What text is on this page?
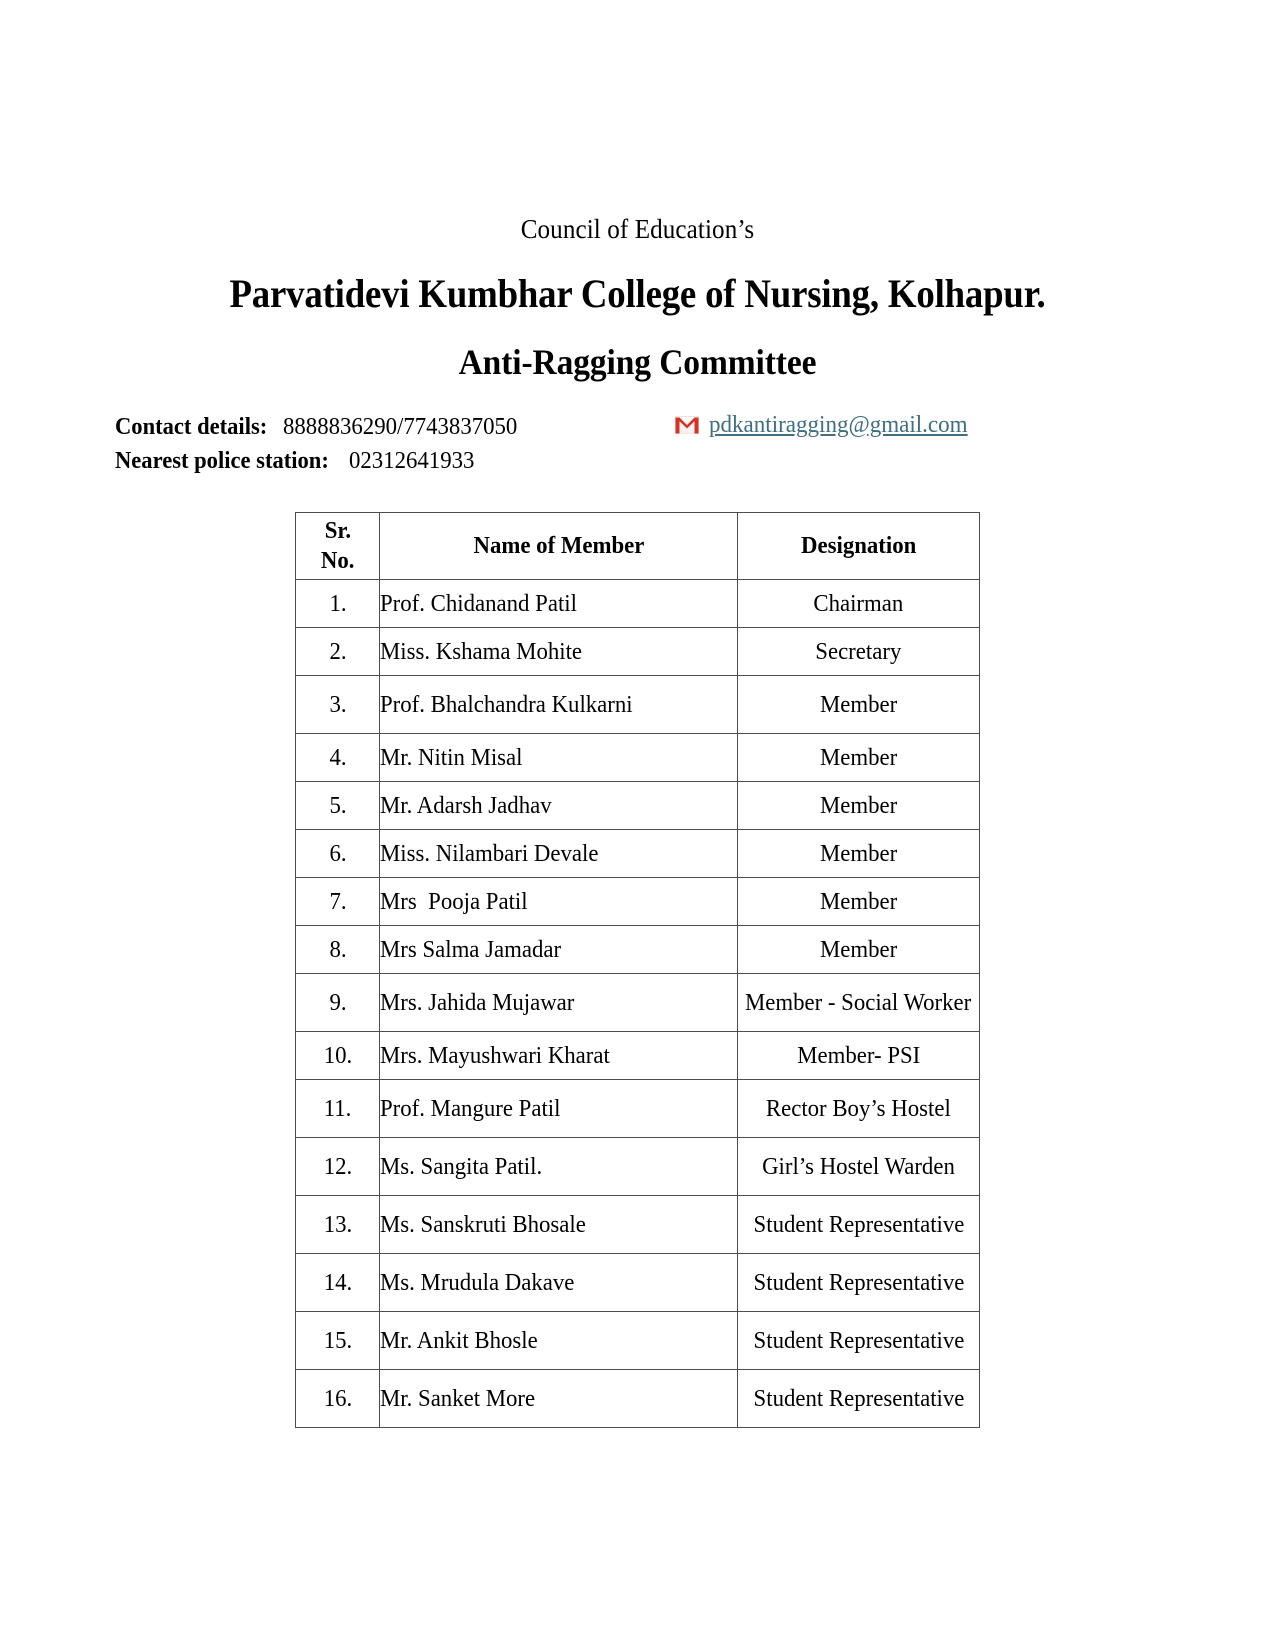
Council of Education’s
Parvatidevi Kumbhar College of Nursing, Kolhapur.
Anti-Ragging Committee
Contact details: 8888836290/7743837050
Nearest police station: 02312641933
pdkantiragging@gmail.com
Sr.
No.	Name of Member	Designation
1.	Prof. Chidanand Patil	Chairman
2.	Miss. Kshama Mohite	Secretary
3.	Prof. Bhalchandra Kulkarni	Member
4.	Mr. Nitin Misal	Member
5.	Mr. Adarsh Jadhav	Member
6.	Miss. Nilambari Devale	Member
7.	Mrs  Pooja Patil	Member
8.	Mrs Salma Jamadar	Member
9.	Mrs. Jahida Mujawar	Member - Social Worker
10.	Mrs. Mayushwari Kharat	Member- PSI
11.	Prof. Mangure Patil	Rector Boy’s Hostel
12.	Ms. Sangita Patil.	Girl’s Hostel Warden
13.	Ms. Sanskruti Bhosale	Student Representative
14.	Ms. Mrudula Dakave	Student Representative
15.	Mr. Ankit Bhosle	Student Representative
16.	Mr. Sanket More	Student Representative
